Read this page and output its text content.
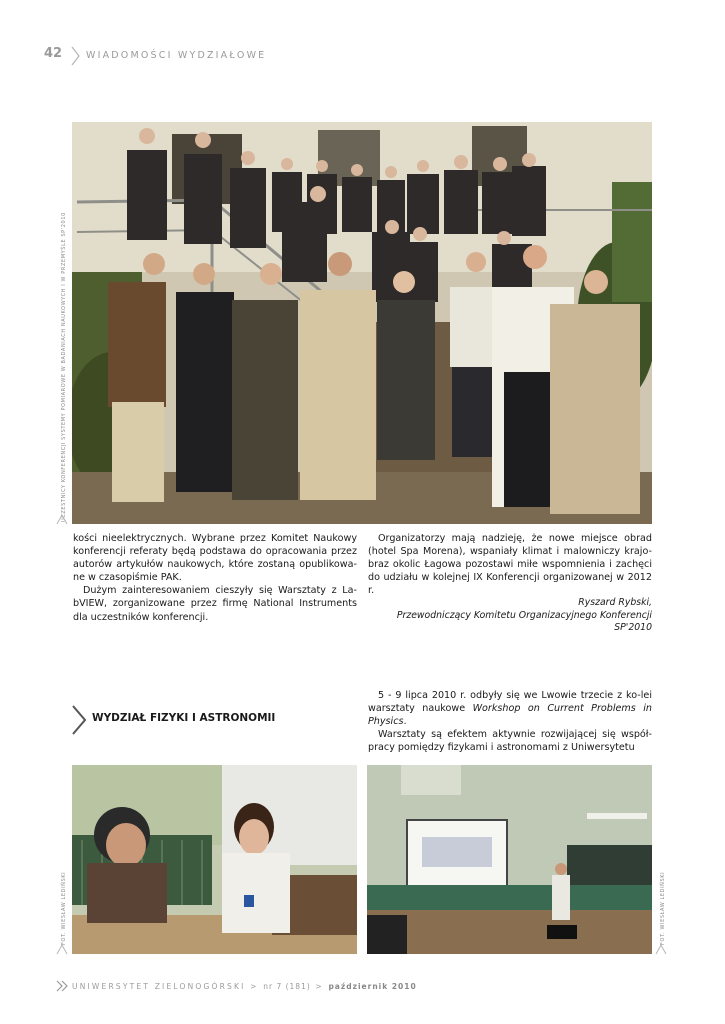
42	WIADOMOŚCI WYDZIAŁOWE
UCZESTNICY KONFERENCJI SYSTEMY POMIAROWE W BADANIACH NAUKOWYCH I W PRZEMYŚLE SP'2010

kości nieelektrycznych. Wybrane przez Komitet Naukowy konferencji referaty będą podstawa do opracowania przez autorów artykułów naukowych, które zostaną opublikowa-ne w czasopiśmie PAK.

Dużym zainteresowaniem cieszyły się Warsztaty z La-bVIEW, zorganizowane przez firmę National Instruments dla uczestników konferencji.

Organizatorzy mają nadzieję, że nowe miejsce obrad (hotel Spa Morena), wspaniały klimat i malowniczy krajo-braz okolic Łagowa pozostawi miłe wspomnienia i zachęci do udziału w kolejnej IX Konferencji organizowanej w 2012 r.

Ryszard Rybski,
Przewodniczący Komitetu Organizacyjnego Konferencji SP'2010
WYDZIAŁ FIZYKI I ASTRONOMII

5 - 9 lipca 2010 r. odbyły się we Lwowie trzecie z ko-lei warsztaty naukowe Workshop on Current Problems in Physics.

Warsztaty są efektem aktywnie rozwijającej się współ-pracy pomiędzy fizykami i astronomami z Uniwersytetu

FOT. WIESŁAW LEDIŃSKI	FOT. WIESŁAW LEDIŃSKI
UNIWERSYTET ZIELONOGÓRSKI > nr 7 (181) > październik 2010
